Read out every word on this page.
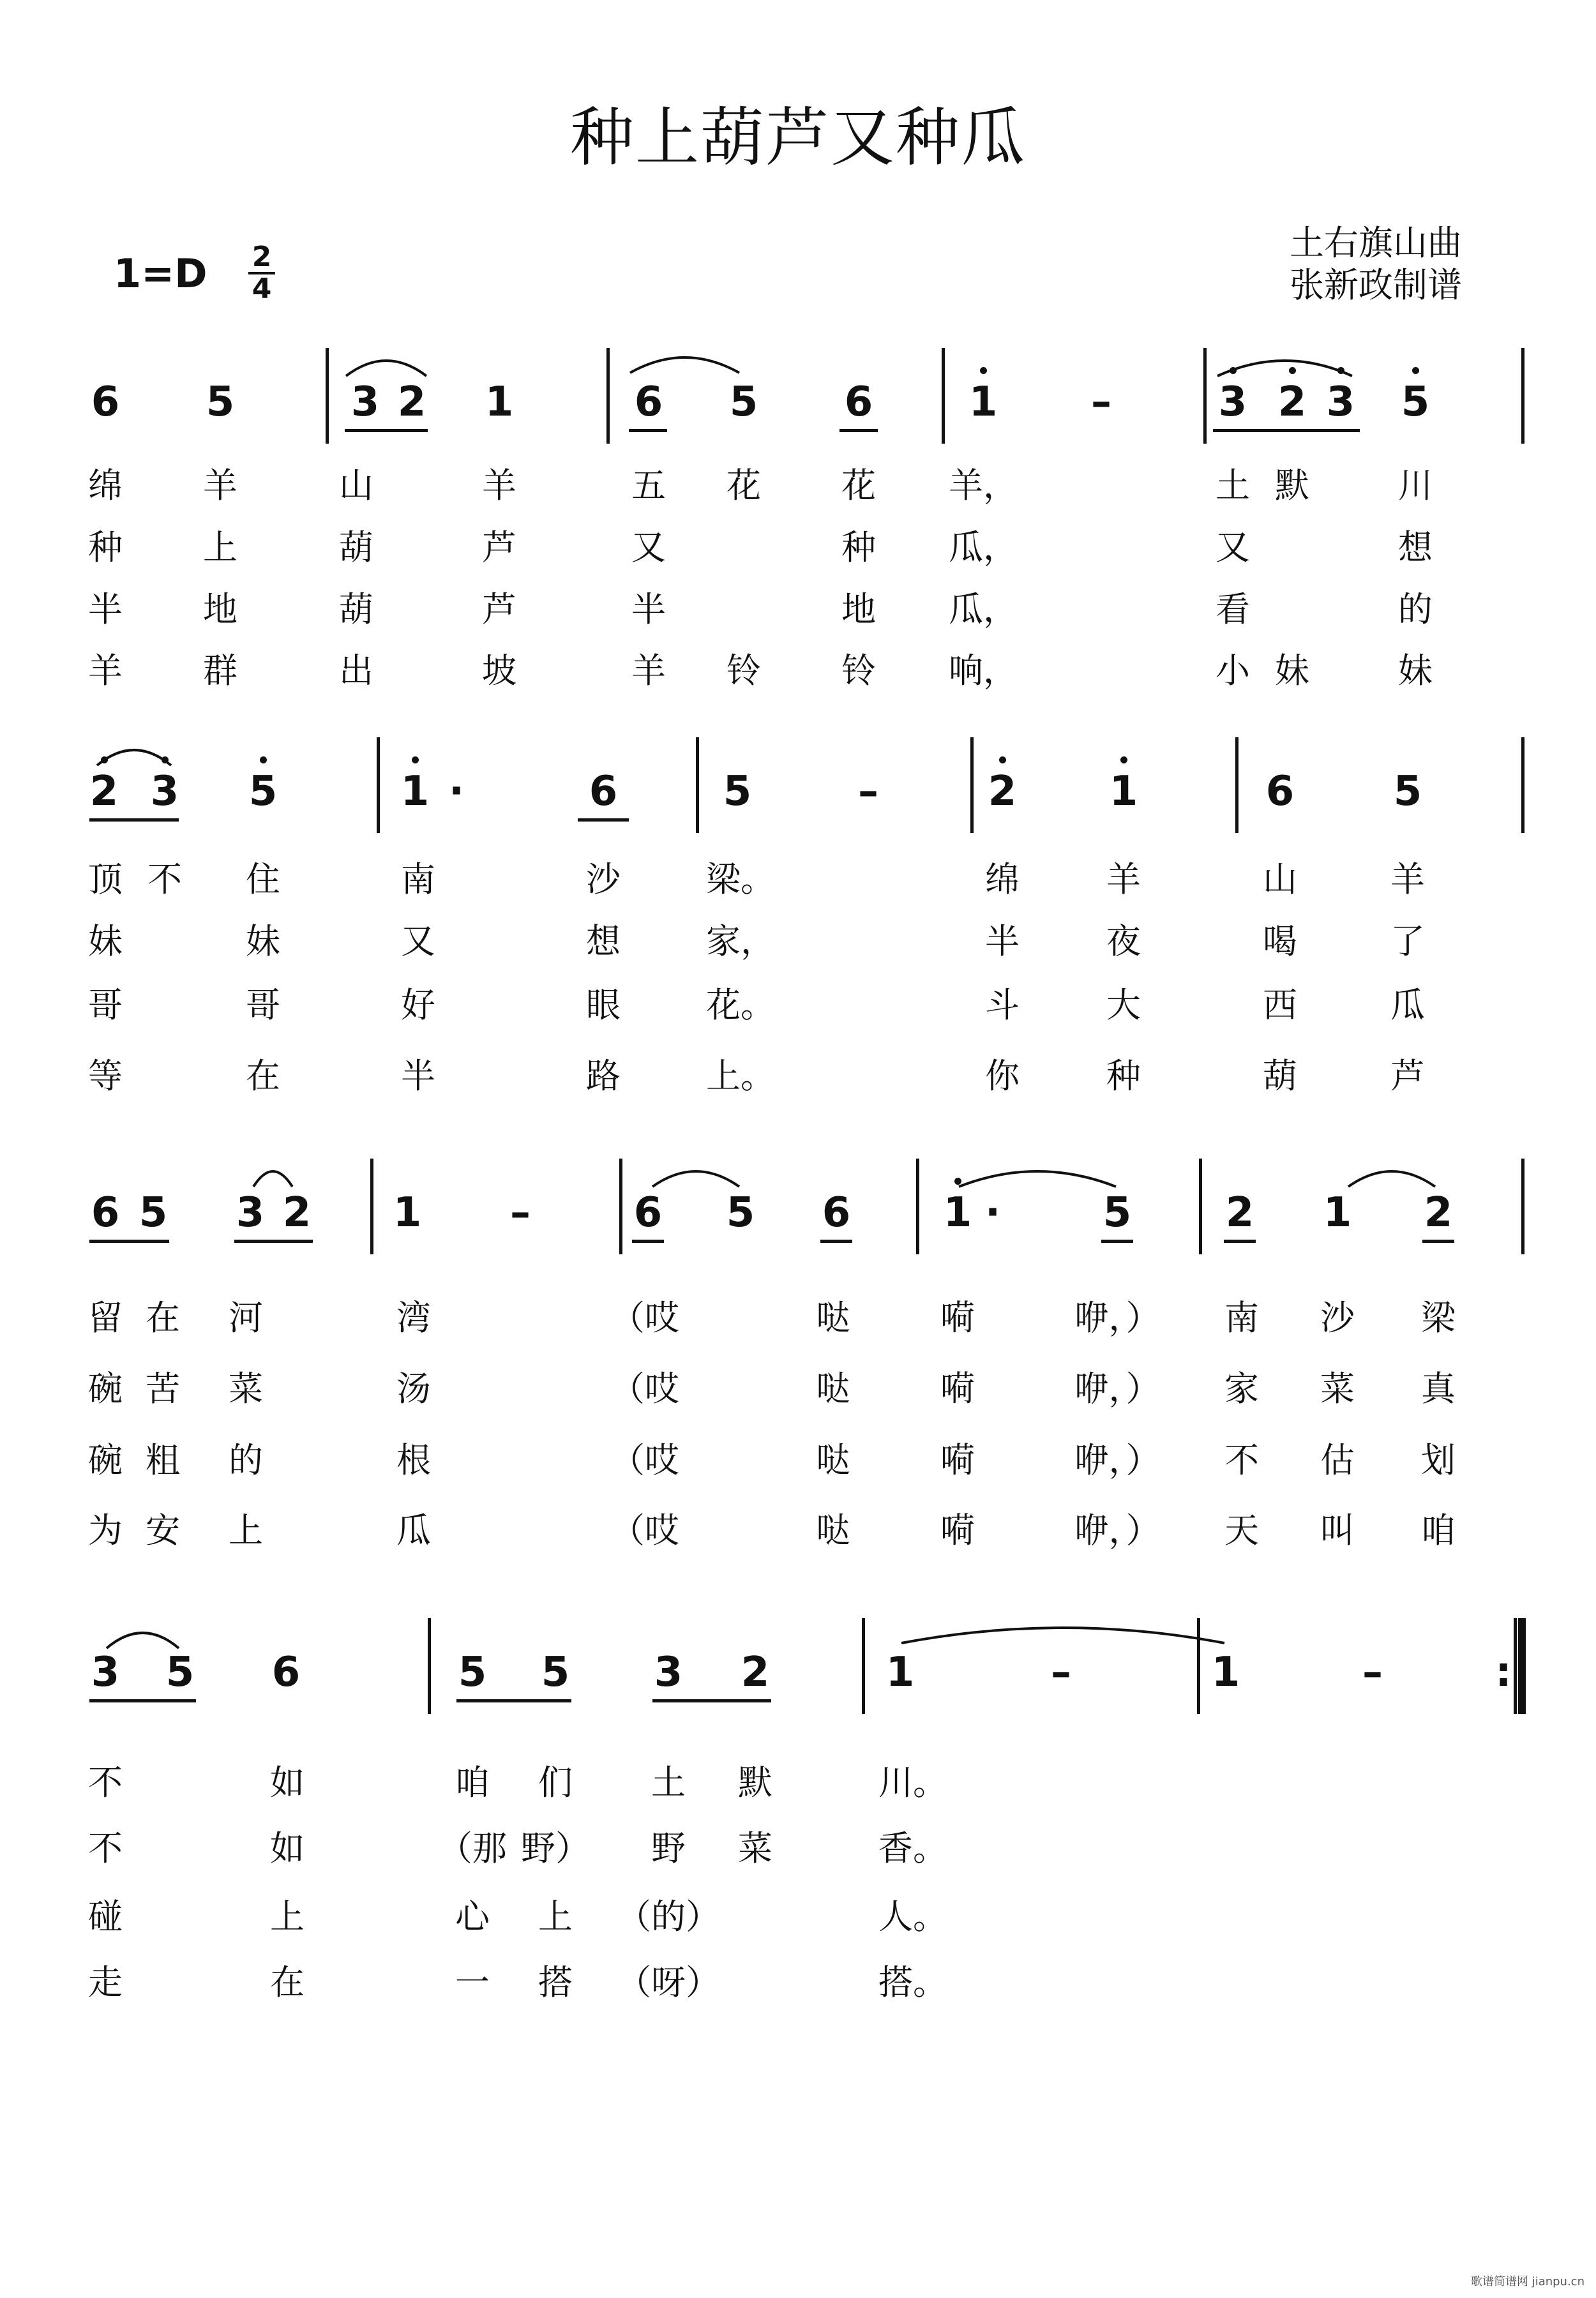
种上葫芦又种瓜
1=D 2
4
土右旗山曲
张新政制谱
歌谱简谱网 jianpu.cn
6	5	3 2	1	6	5	6	1	–	3 2 3	5
绵	羊	山	羊	五	花	花	羊，	土 默	川
种	上	葫	芦	又	种	瓜，	又	想
半	地	葫	芦	半	地	瓜，	看	的
羊	群	出	坡	羊	铃	铃	响，	小 妹	妹
2 3	5	1 ·	6	5	–	2	1	6	5
顶 不	住	南	沙	梁。	绵	羊	山	羊
妹	妹	又	想	家，	半	夜	喝	了
哥	哥	好	眼	花。	斗	大	西	瓜
等	在	半	路	上。	你	种	葫	芦
6 5	3 2	1	–	6	5	6	1 ·	5	2	1	2
留 在	河	湾	（哎	哒	嗬	咿，）	南	沙	梁
碗 苦	菜	汤	（哎	哒	嗬	咿，）	家	菜	真
碗 粗	的	根	（哎	哒	嗬	咿，）	不	估	划
为 安	上	瓜	（哎	哒	嗬	咿，）	天	叫	咱
3	5	6	5	5	3	2	1	–	1	–	:
不	如	咱	们	土	默	川。
不	如	（那 野）	野	菜	香。
碰	上	心	上	（的）	人。
走	在	一	搭	（呀）	搭。
